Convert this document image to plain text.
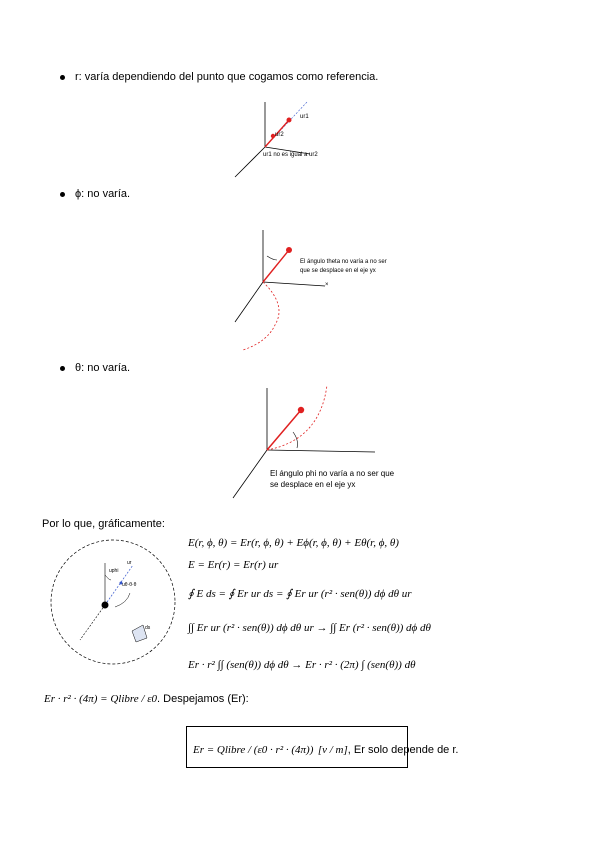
r: varía dependiendo del punto que cogamos como referencia.
ur1
ur2
ur1 no es igual a ur2
ϕ: no varía.
El ángulo theta no varía a no ser
que se desplace en el eje yx
×
θ: no varía.
El ángulo phi no varía a no ser que
se desplace en el eje yx
Por lo que, gráficamente:
ur
uphi
uθ·θ·θ
ds
E(r, ϕ, θ) = Er(r, ϕ, θ) + Eϕ(r, ϕ, θ) + Eθ(r, ϕ, θ)
E = Er(r) = Er(r) ur
∮ E ds = ∮ Er ur ds = ∮ Er ur (r² · sen(θ)) dϕ dθ ur
∫∫ Er ur (r² · sen(θ)) dϕ dθ ur → ∫∫ Er (r² · sen(θ)) dϕ dθ
Er · r² ∫∫ (sen(θ)) dϕ dθ → Er · r² · (2π) ∫ (sen(θ)) dθ
Er · r² · (4π) = Qlibre / ε0. Despejamos (Er):
Er = Qlibre / (ε0 · r² · (4π)) [v / m], Er solo depende de r.
